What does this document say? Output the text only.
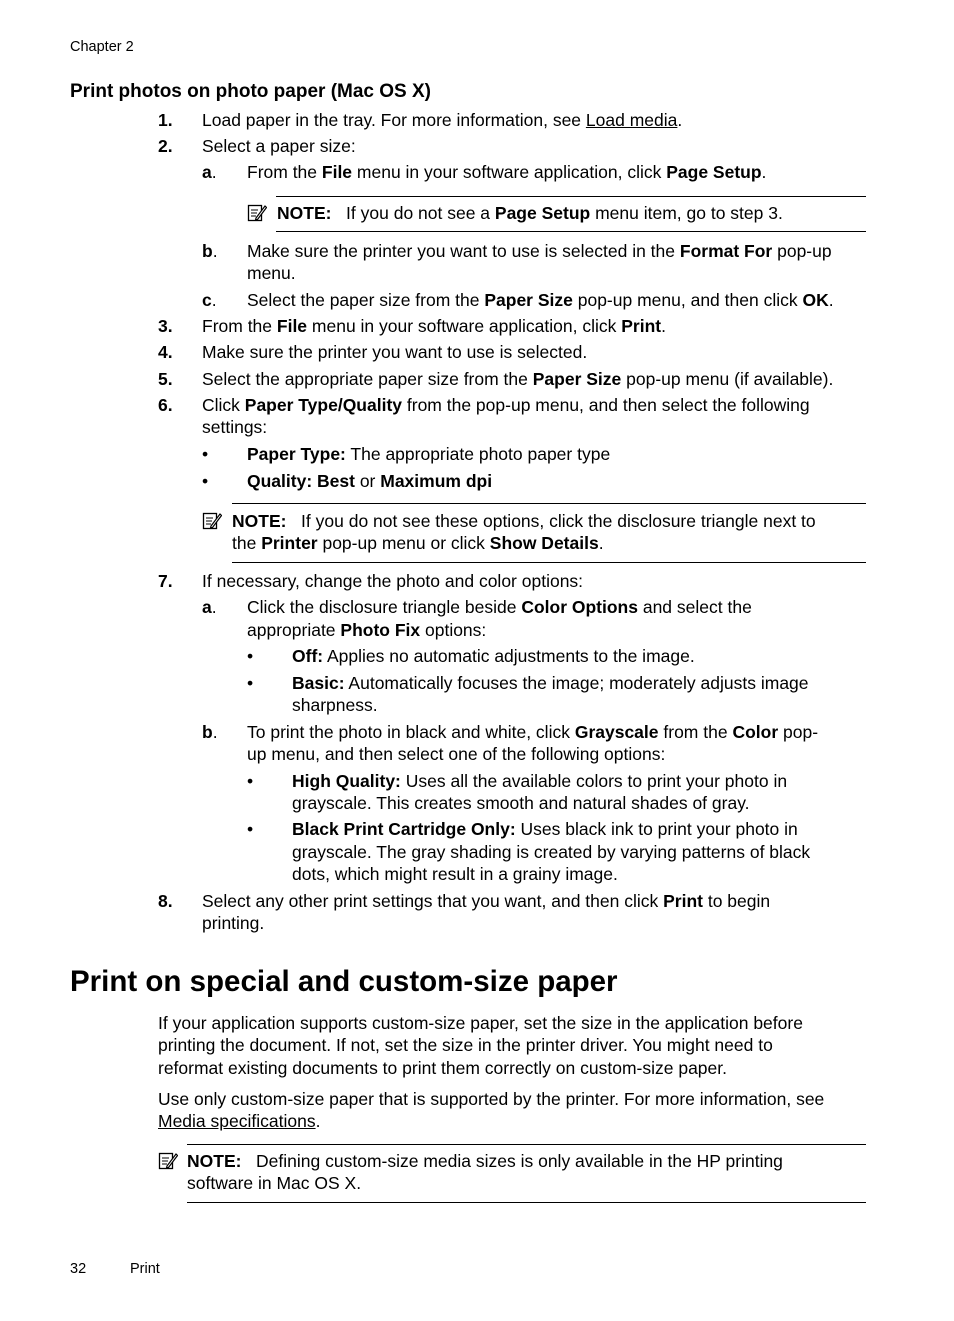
Chapter 2
Print photos on photo paper (Mac OS X)
1. Load paper in the tray. For more information, see Load media.
2. Select a paper size:
a. From the File menu in your software application, click Page Setup.
NOTE: If you do not see a Page Setup menu item, go to step 3.
b. Make sure the printer you want to use is selected in the Format For pop-up
menu.
c. Select the paper size from the Paper Size pop-up menu, and then click OK.
3. From the File menu in your software application, click Print.
4. Make sure the printer you want to use is selected.
5. Select the appropriate paper size from the Paper Size pop-up menu (if available).
6. Click Paper Type/Quality from the pop-up menu, and then select the following
settings:
• Paper Type: The appropriate photo paper type
• Quality: Best or Maximum dpi
NOTE: If you do not see these options, click the disclosure triangle next to
the Printer pop-up menu or click Show Details.
7. If necessary, change the photo and color options:
a. Click the disclosure triangle beside Color Options and select the
appropriate Photo Fix options:
• Off: Applies no automatic adjustments to the image.
• Basic: Automatically focuses the image; moderately adjusts image
sharpness.
b. To print the photo in black and white, click Grayscale from the Color pop-
up menu, and then select one of the following options:
• High Quality: Uses all the available colors to print your photo in
grayscale. This creates smooth and natural shades of gray.
• Black Print Cartridge Only: Uses black ink to print your photo in
grayscale. The gray shading is created by varying patterns of black
dots, which might result in a grainy image.
8. Select any other print settings that you want, and then click Print to begin
printing.
Print on special and custom-size paper
If your application supports custom-size paper, set the size in the application before
printing the document. If not, set the size in the printer driver. You might need to
reformat existing documents to print them correctly on custom-size paper.
Use only custom-size paper that is supported by the printer. For more information, see
Media specifications.
NOTE: Defining custom-size media sizes is only available in the HP printing
software in Mac OS X.
32	Print
